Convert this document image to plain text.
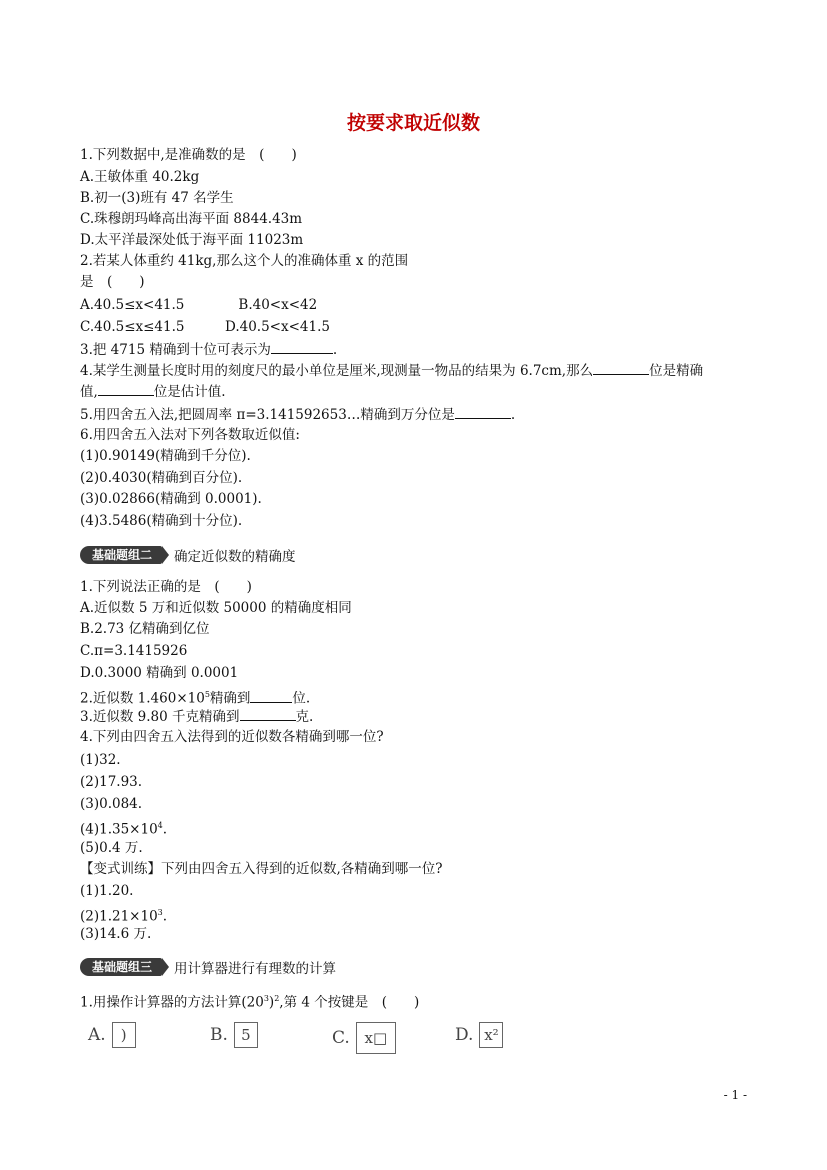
按要求取近似数
1.下列数据中,是准确数的是　(　　)
A.王敏体重 40.2kg
B.初一(3)班有 47 名学生
C.珠穆朗玛峰高出海平面 8844.43m
D.太平洋最深处低于海平面 11023m
2.若某人体重约 41kg,那么这个人的准确体重 x 的范围
是　(　　)
A.40.5≤x<41.5　　　　B.40<x<42
C.40.5≤x≤41.5　　　D.40.5<x<41.5
3.把 4715 精确到十位可表示为	.
4.某学生测量长度时用的刻度尺的最小单位是厘米,现测量一物品的结果为 6.7cm,那么	位是精确
值,	位是估计值.
5.用四舍五入法,把圆周率 π=3.141592653…精确到万分位是	.
6.用四舍五入法对下列各数取近似值:
(1)0.90149(精确到千分位).
(2)0.4030(精确到百分位).
(3)0.02866(精确到 0.0001).
(4)3.5486(精确到十分位).
基础题组二	确定近似数的精确度
1.下列说法正确的是　(　　)
A.近似数 5 万和近似数 50000 的精确度相同
B.2.73 亿精确到亿位
C.π=3.1415926
D.0.3000 精确到 0.0001
2.近似数 $1.460\times 10^5$精确到	位.
3.近似数 9.80 千克精确到	克.
4.下列由四舍五入法得到的近似数各精确到哪一位?
(1)32.
(2)17.93.
(3)0.084.
$(4)1.35\times 10^4$.
(5)0.4 万.
【变式训练】下列由四舍五入得到的近似数,各精确到哪一位?
(1)1.20.
$(2)1.21\times 10^3$.
(3)14.6 万.
基础题组三	用计算器进行有理数的计算
1.用操作计算器的方法计算$(20^3)^2$,第 4 个按键是　(　　)
A.	)	B. 5	C. x□	D. x²
- 1 -
